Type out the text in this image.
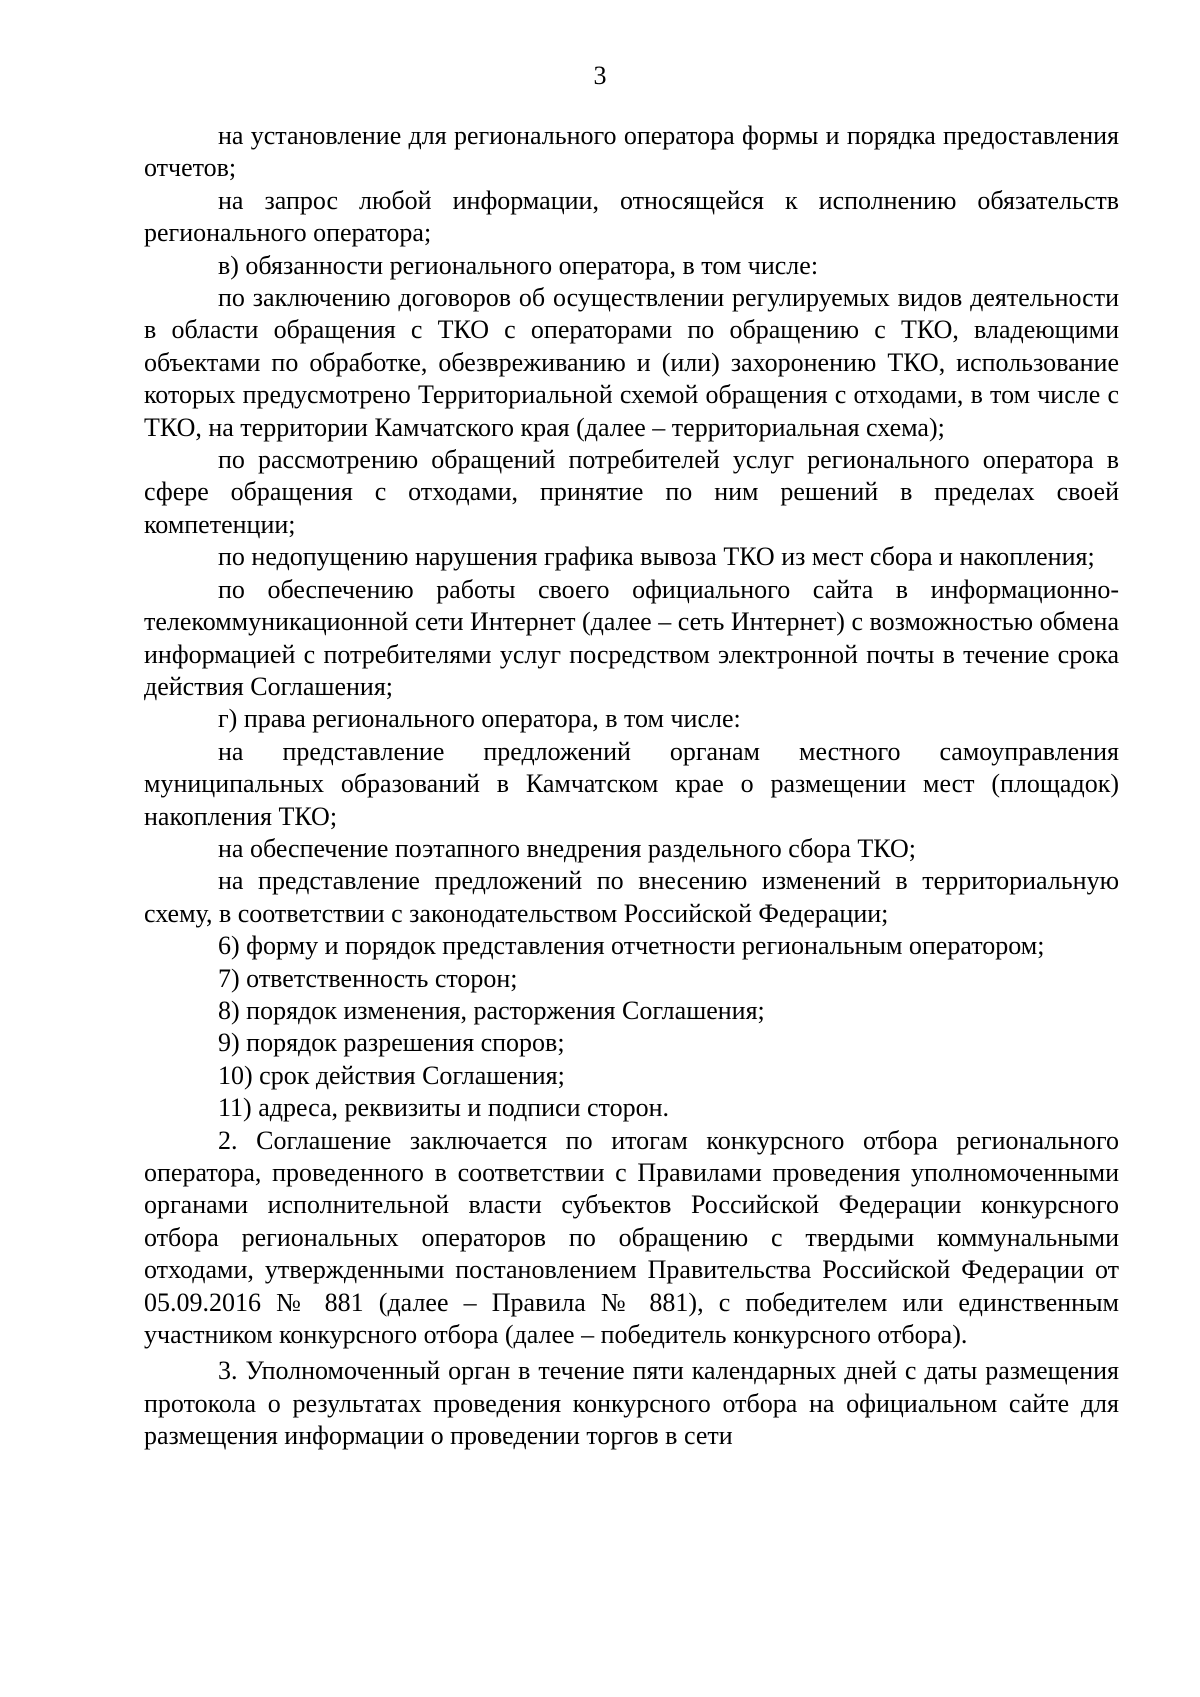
3

на установление для регионального оператора формы и порядка предоставления отчетов;

на запрос любой информации, относящейся к исполнению обязательств регионального оператора;

в) обязанности регионального оператора, в том числе:

по заключению договоров об осуществлении регулируемых видов деятельности в области обращения с ТКО с операторами по обращению с ТКО, владеющими объектами по обработке, обезвреживанию и (или) захоронению ТКО, использование которых предусмотрено Территориальной схемой обращения с отходами, в том числе с ТКО, на территории Камчатского края (далее – территориальная схема);

по рассмотрению обращений потребителей услуг регионального оператора в сфере обращения с отходами, принятие по ним решений в пределах своей компетенции;

по недопущению нарушения графика вывоза ТКО из мест сбора и накопления;

по обеспечению работы своего официального сайта в информационно-телекоммуникационной сети Интернет (далее – сеть Интернет) с возможностью обмена информацией с потребителями услуг посредством электронной почты в течение срока действия Соглашения;

г) права регионального оператора, в том числе:

на представление предложений органам местного самоуправления муниципальных образований в Камчатском крае о размещении мест (площадок) накопления ТКО;

на обеспечение поэтапного внедрения раздельного сбора ТКО;

на представление предложений по внесению изменений в территориальную схему, в соответствии с законодательством Российской Федерации;

6) форму и порядок представления отчетности региональным оператором;

7) ответственность сторон;

8) порядок изменения, расторжения Соглашения;

9) порядок разрешения споров;

10) срок действия Соглашения;

11) адреса, реквизиты и подписи сторон.

2. Соглашение заключается по итогам конкурсного отбора регионального оператора, проведенного в соответствии с Правилами проведения уполномоченными органами исполнительной власти субъектов Российской Федерации конкурсного отбора региональных операторов по обращению с твердыми коммунальными отходами, утвержденными постановлением Правительства Российской Федерации от 05.09.2016 № 881 (далее – Правила № 881), с победителем или единственным участником конкурсного отбора (далее – победитель конкурсного отбора).

3. Уполномоченный орган в течение пяти календарных дней с даты размещения протокола о результатах проведения конкурсного отбора на официальном сайте для размещения информации о проведении торгов в сети
